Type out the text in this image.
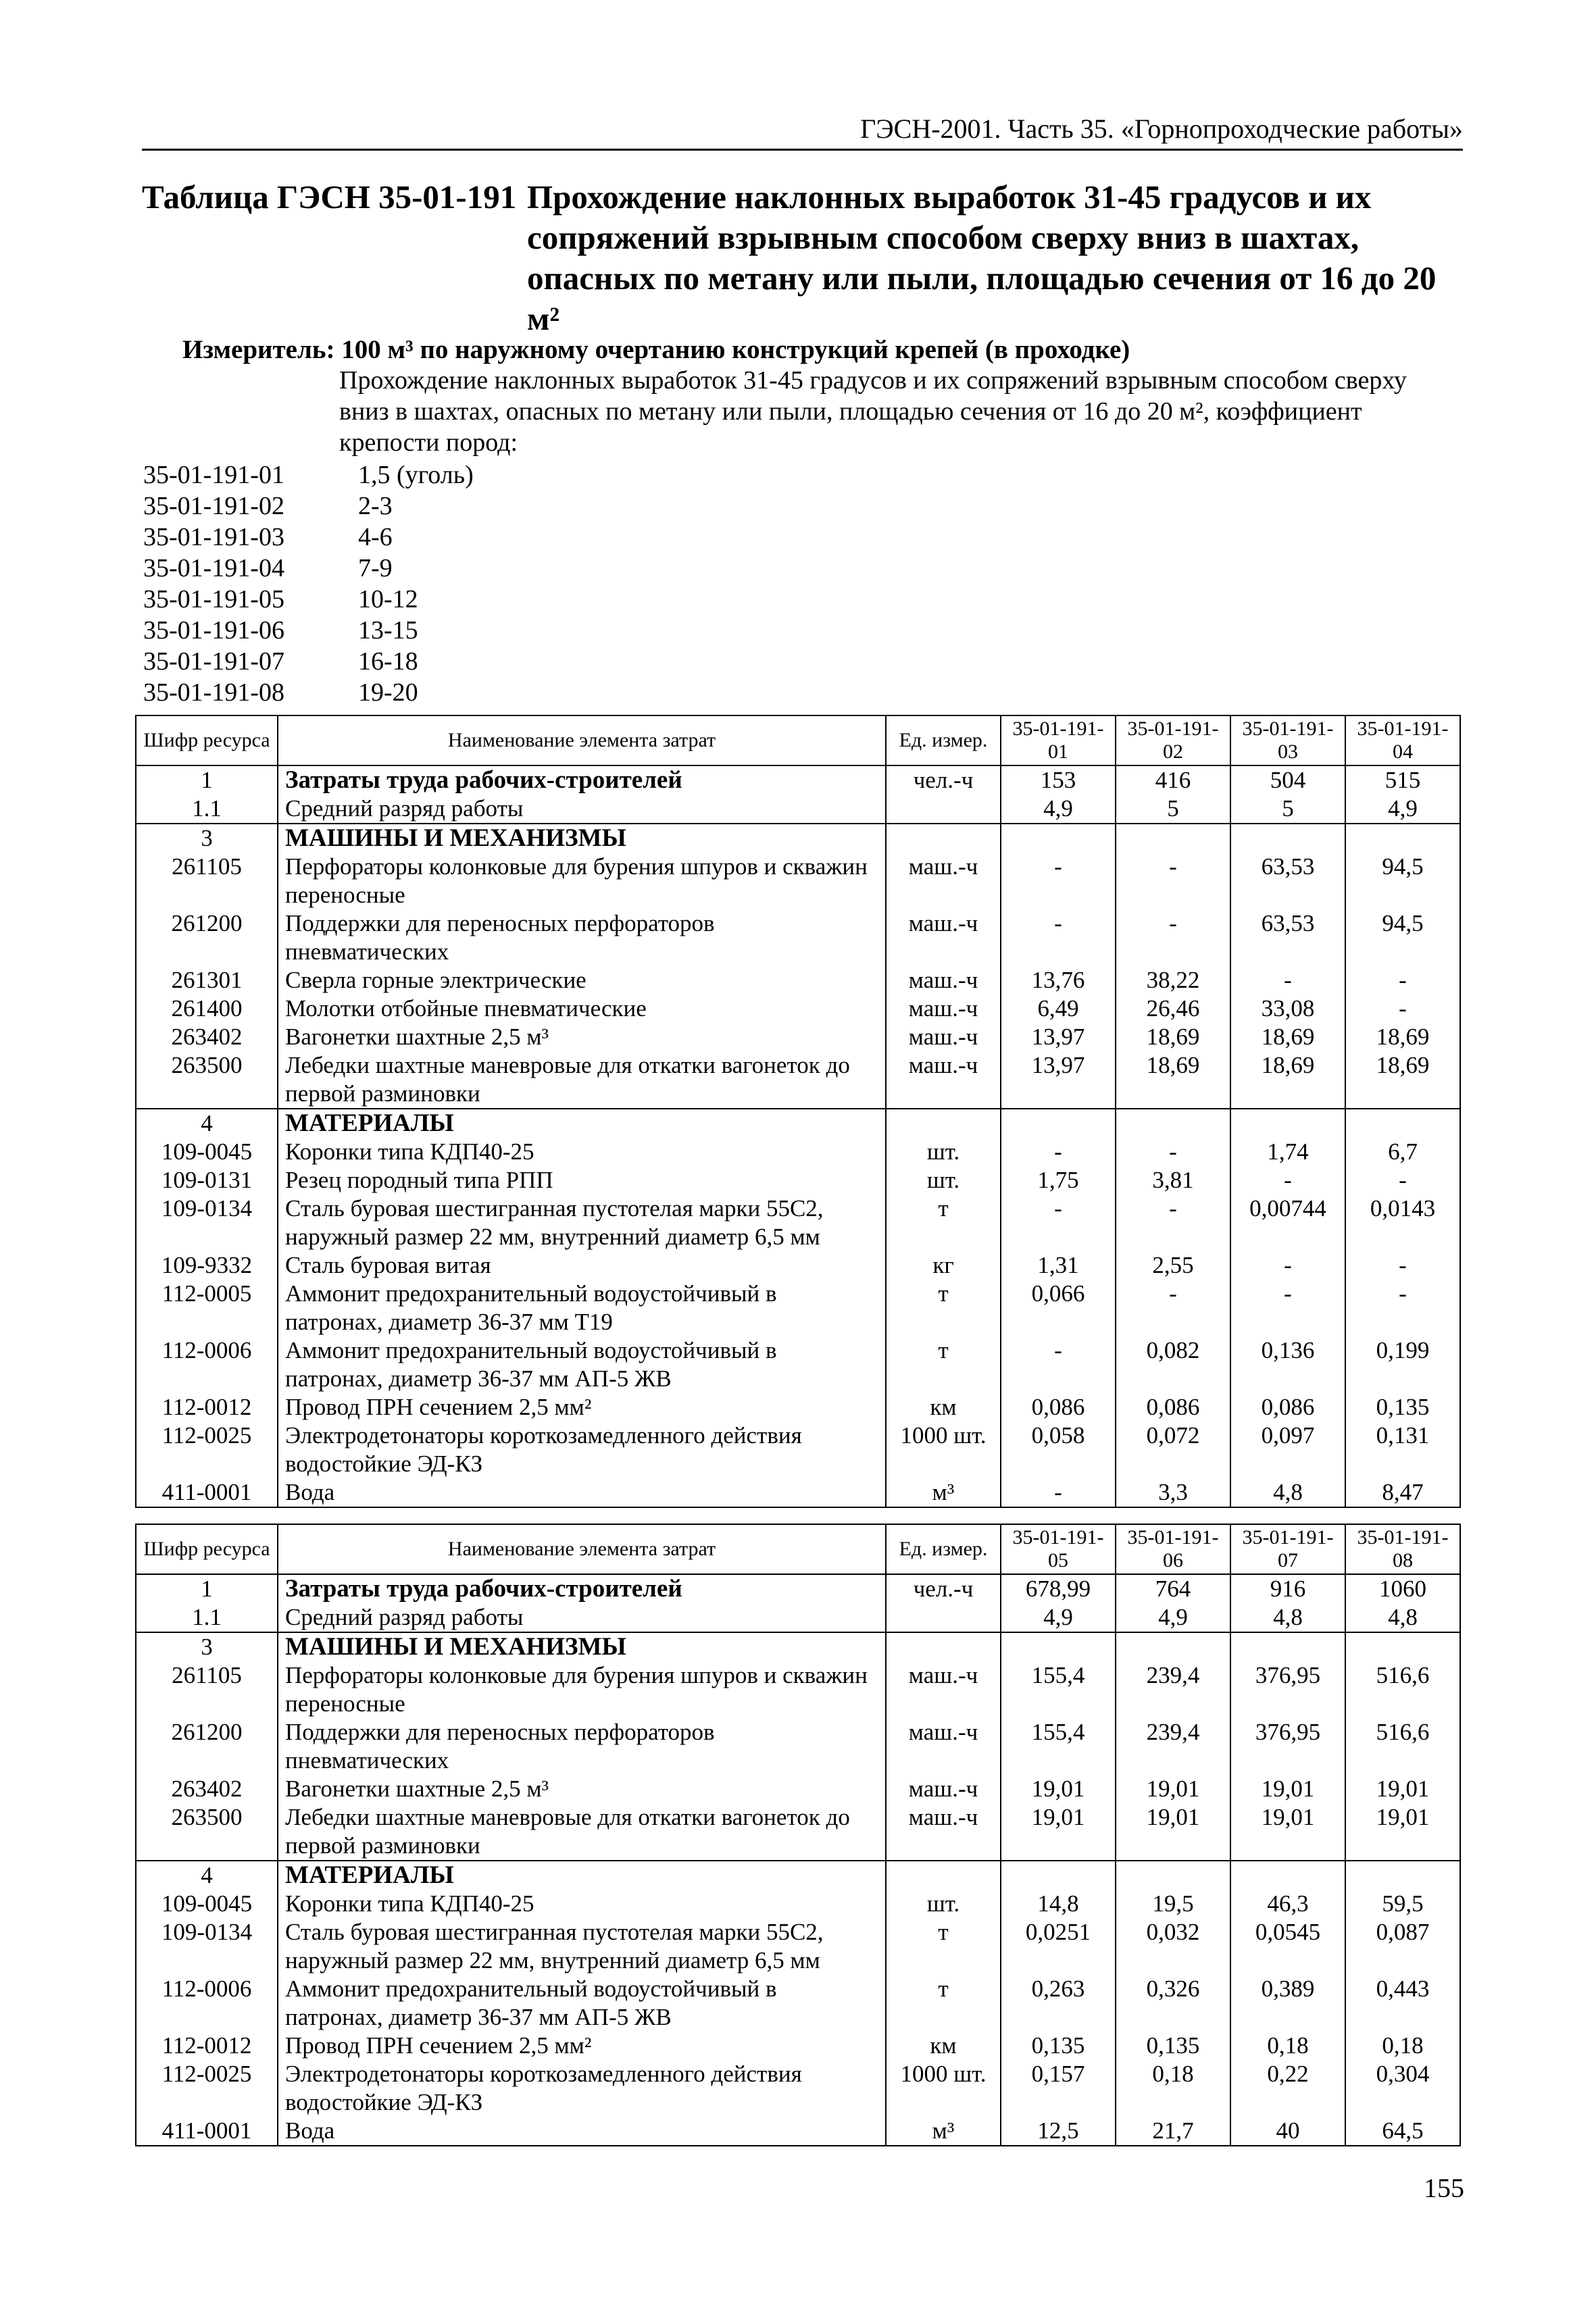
ГЭСН-2001. Часть 35. «Горнопроходческие работы»
Таблица ГЭСН 35-01-191 Прохождение наклонных выработок 31-45 градусов и их сопряжений взрывным способом сверху вниз в шахтах, опасных по метану или пыли, площадью сечения от 16 до 20 м²
Измеритель: 100 м³ по наружному очертанию конструкций крепей (в проходке)
Прохождение наклонных выработок 31-45 градусов и их сопряжений взрывным способом сверху вниз в шахтах, опасных по метану или пыли, площадью сечения от 16 до 20 м², коэффициент крепости пород:
35-01-191-01	1,5 (уголь)
35-01-191-02	2-3
35-01-191-03	4-6
35-01-191-04	7-9
35-01-191-05	10-12
35-01-191-06	13-15
35-01-191-07	16-18
35-01-191-08	19-20
Шифр ресурса	Наименование элемента затрат	Ед. измер.	35-01-191-01	35-01-191-02	35-01-191-03	35-01-191-04
1	Затраты труда рабочих-строителей	чел.-ч	153	416	504	515
1.1	Средний разряд работы		4,9	5	5	4,9
3	МАШИНЫ И МЕХАНИЗМЫ					
261105	Перфораторы колонковые для бурения шпуров и скважин переносные	маш.-ч	-	-	63,53	94,5
261200	Поддержки для переносных перфораторов пневматических	маш.-ч	-	-	63,53	94,5
261301	Сверла горные электрические	маш.-ч	13,76	38,22	-	-
261400	Молотки отбойные пневматические	маш.-ч	6,49	26,46	33,08	-
263402	Вагонетки шахтные 2,5 м³	маш.-ч	13,97	18,69	18,69	18,69
263500	Лебедки шахтные маневровые для откатки вагонеток до первой разминовки	маш.-ч	13,97	18,69	18,69	18,69
4	МАТЕРИАЛЫ					
109-0045	Коронки типа КДП40-25	шт.	-	-	1,74	6,7
109-0131	Резец породный типа РПП	шт.	1,75	3,81	-	-
109-0134	Сталь буровая шестигранная пустотелая марки 55С2, наружный размер 22 мм, внутренний диаметр 6,5 мм	т	-	-	0,00744	0,0143
109-9332	Сталь буровая витая	кг	1,31	2,55	-	-
112-0005	Аммонит предохранительный водоустойчивый в патронах, диаметр 36-37 мм Т19	т	0,066	-	-	-
112-0006	Аммонит предохранительный водоустойчивый в патронах, диаметр 36-37 мм АП-5 ЖВ	т	-	0,082	0,136	0,199
112-0012	Провод ПРН сечением 2,5 мм²	км	0,086	0,086	0,086	0,135
112-0025	Электродетонаторы короткозамедленного действия водостойкие ЭД-КЗ	1000 шт.	0,058	0,072	0,097	0,131
411-0001	Вода	м³	-	3,3	4,8	8,47
Шифр ресурса	Наименование элемента затрат	Ед. измер.	35-01-191-05	35-01-191-06	35-01-191-07	35-01-191-08
1	Затраты труда рабочих-строителей	чел.-ч	678,99	764	916	1060
1.1	Средний разряд работы		4,9	4,9	4,8	4,8
3	МАШИНЫ И МЕХАНИЗМЫ					
261105	Перфораторы колонковые для бурения шпуров и скважин переносные	маш.-ч	155,4	239,4	376,95	516,6
261200	Поддержки для переносных перфораторов пневматических	маш.-ч	155,4	239,4	376,95	516,6
263402	Вагонетки шахтные 2,5 м³	маш.-ч	19,01	19,01	19,01	19,01
263500	Лебедки шахтные маневровые для откатки вагонеток до первой разминовки	маш.-ч	19,01	19,01	19,01	19,01
4	МАТЕРИАЛЫ					
109-0045	Коронки типа КДП40-25	шт.	14,8	19,5	46,3	59,5
109-0134	Сталь буровая шестигранная пустотелая марки 55С2, наружный размер 22 мм, внутренний диаметр 6,5 мм	т	0,0251	0,032	0,0545	0,087
112-0006	Аммонит предохранительный водоустойчивый в патронах, диаметр 36-37 мм АП-5 ЖВ	т	0,263	0,326	0,389	0,443
112-0012	Провод ПРН сечением 2,5 мм²	км	0,135	0,135	0,18	0,18
112-0025	Электродетонаторы короткозамедленного действия водостойкие ЭД-КЗ	1000 шт.	0,157	0,18	0,22	0,304
411-0001	Вода	м³	12,5	21,7	40	64,5
155
